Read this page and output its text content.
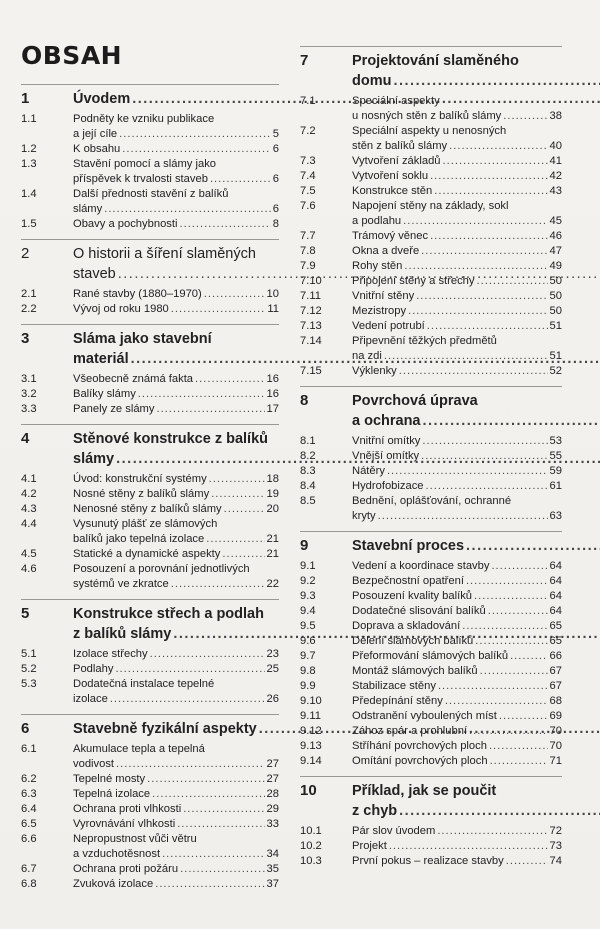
OBSAH
1	Úvodem.....
1.1	Podněty ke vzniku publikace
a její cíle .....	5
1.2	K obsahu .....	6
1.3	Stavění pomocí a slámy jako
příspěvek k trvalosti staveb .....	6
1.4	Další přednosti stavění z balíků
slámy .....	6
1.5	Obavy a pochybnosti .....	8
2	O historii a šíření slaměných
staveb.....
2.1	Rané stavby (1880–1970) .....	10
2.2	Vývoj od roku 1980 .....	11
3	Sláma jako stavební
materiál.....
3.1	Všeobecně známá fakta .....	16
3.2	Balíky slámy .....	16
3.3	Panely ze slámy .....	17
4	Stěnové konstrukce z balíků
slámy.....
4.1	Úvod: konstrukční systémy .....	18
4.2	Nosné stěny z balíků slámy .....	19
4.3	Nenosné stěny z balíků slámy .....	20
4.4	Vysunutý plášť ze slámových
balíků jako tepelná izolace .....	21
4.5	Statické a dynamické aspekty .....	21
4.6	Posouzení a porovnání jednotlivých
systémů ve zkratce .....	22
5	Konstrukce střech a podlah
z balíků slámy.....
5.1	Izolace střechy .....	23
5.2	Podlahy .....	25
5.3	Dodatečná instalace tepelné
izolace .....	26
6	Stavebně fyzikální aspekty.....
6.1	Akumulace tepla a tepelná
vodivost .....	27
6.2	Tepelné mosty .....	27
6.3	Tepelná izolace .....	28
6.4	Ochrana proti vlhkosti .....	29
6.5	Vyrovnávání vlhkosti .....	33
6.6	Nepropustnost vůči větru
a vzduchotěsnost .....	34
6.7	Ochrana proti požáru .....	35
6.8	Zvuková izolace .....	37
7	Projektování slaměného
domu.....
7.1	Speciální aspekty
u nosných stěn z balíků slámy .....	38
7.2	Speciální aspekty u nenosných
stěn z balíků slámy .....	40
7.3	Vytvoření základů .....	41
7.4	Vytvoření soklu .....	42
7.5	Konstrukce stěn .....	43
7.6	Napojení stěny na základy, sokl
a podlahu .....	45
7.7	Trámový věnec .....	46
7.8	Okna a dveře .....	47
7.9	Rohy stěn .....	49
7.10	Připojení stěny a střechy .....	50
7.11	Vnitřní stěny .....	50
7.12	Mezistropy .....	50
7.13	Vedení potrubí .....	51
7.14	Připevnění těžkých předmětů
na zdi .....	51
7.15	Výklenky .....	52
8	Povrchová úprava
a ochrana.....
8.1	Vnitřní omítky .....	53
8.2	Vnější omítky .....	55
8.3	Nátěry .....	59
8.4	Hydrofobizace .....	61
8.5	Bednění, oplášťování, ochranné
kryty .....	63
9	Stavební proces.....
9.1	Vedení a koordinace stavby .....	64
9.2	Bezpečnostní opatření .....	64
9.3	Posouzení kvality balíků .....	64
9.4	Dodatečné slisování balíků .....	64
9.5	Doprava a skladování .....	65
9.6	Dělení slámových balíků .....	65
9.7	Přeformování slámových balíků .....	66
9.8	Montáž slámových balíků .....	67
9.9	Stabilizace stěny .....	67
9.10	Předepínání stěny .....	68
9.11	Odstranění vyboulených míst .....	69
9.12	Zához spár a prohlubní .....	70
9.13	Stříhání povrchových ploch .....	70
9.14	Omítání povrchových ploch .....	71
10 Příklad, jak se poučit
z chyb.....
10.1	Pár slov úvodem .....	72
10.2	Projekt .....	73
10.3	První pokus – realizace stavby .....	74
